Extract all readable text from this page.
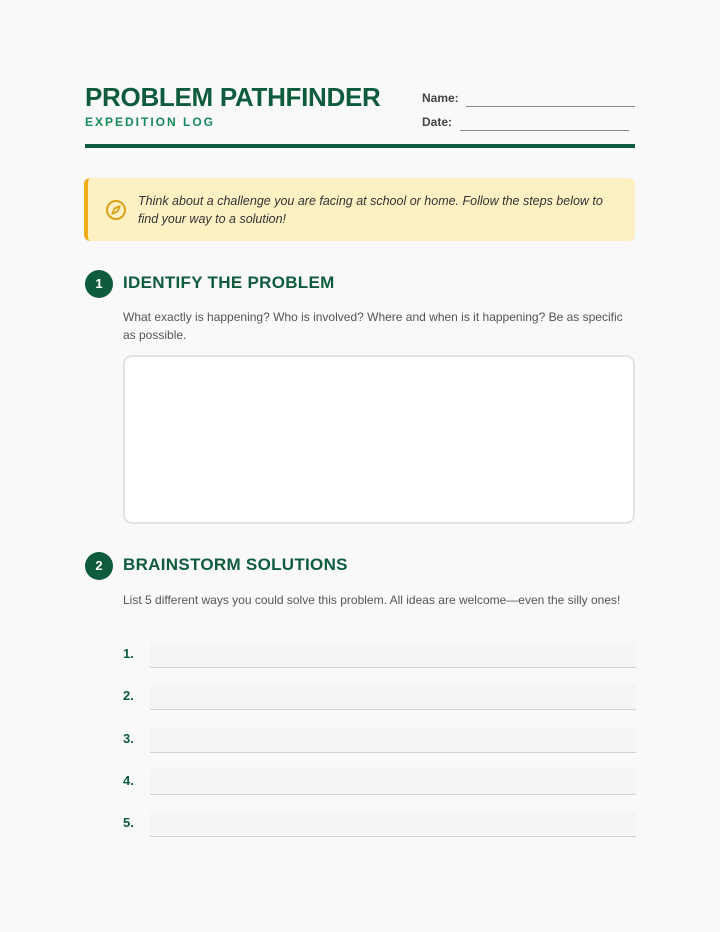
PROBLEM PATHFINDER
EXPEDITION LOG
Name:
Date:

Think about a challenge you are facing at school or home. Follow the steps below to find your way to a solution!

1	IDENTIFY THE PROBLEM

What exactly is happening? Who is involved? Where and when is it happening? Be as specific as possible.

2	BRAINSTORM SOLUTIONS

List 5 different ways you could solve this problem. All ideas are welcome—even the silly ones!

1.
2.
3.
4.
5.
